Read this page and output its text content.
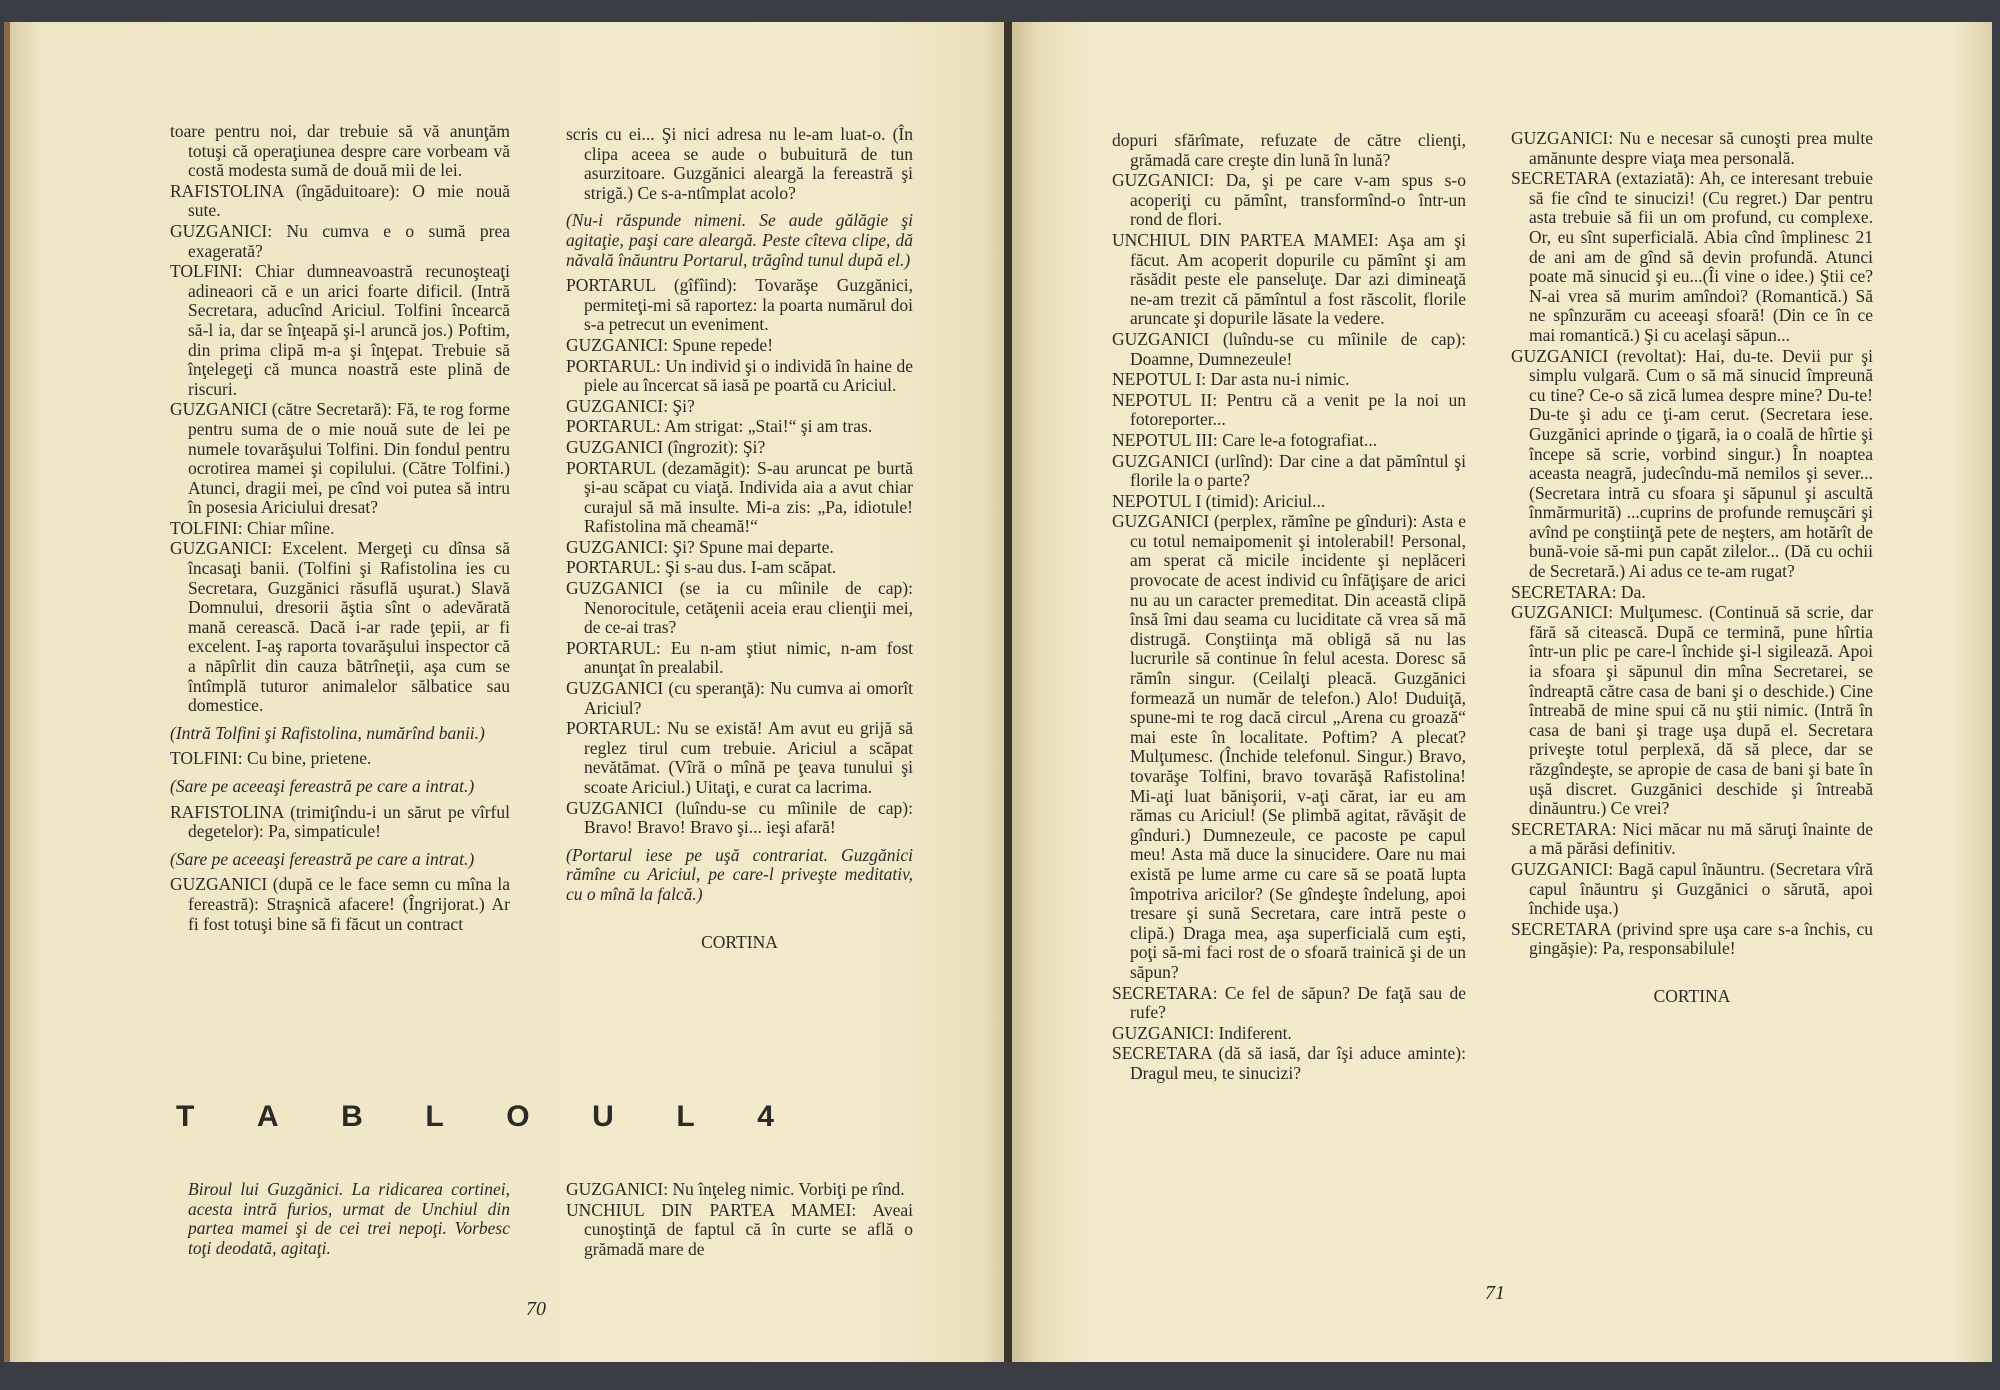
toare pentru noi, dar trebuie să vă anunţăm totuşi că operaţiunea despre care vorbeam vă costă modesta sumă de două mii de lei.

RAFISTOLINA (îngăduitoare): O mie nouă sute.

GUZGANICI: Nu cumva e o sumă prea exagerată?

TOLFINI: Chiar dumneavoastră recunoşteaţi adineaori că e un arici foarte dificil. (Intră Secretara, aducînd Ariciul. Tolfini încearcă să-l ia, dar se înţeapă şi-l aruncă jos.) Poftim, din prima clipă m-a şi înţepat. Trebuie să înţelegeţi că munca noastră este plină de riscuri.

GUZGANICI (către Secretară): Fă, te rog forme pentru suma de o mie nouă sute de lei pe numele tovarăşului Tolfini. Din fondul pentru ocrotirea mamei şi copilului. (Către Tolfini.) Atunci, dragii mei, pe cînd voi putea să intru în posesia Ariciului dresat?

TOLFINI: Chiar mîine.

GUZGANICI: Excelent. Mergeţi cu dînsa să încasaţi banii. (Tolfini şi Rafistolina ies cu Secretara, Guzgănici răsuflă uşurat.) Slavă Domnului, dresorii ăştia sînt o adevărată mană cerească. Dacă i-ar rade ţepii, ar fi excelent. I-aş raporta tovarăşului inspector că a năpîrlit din cauza bătrîneţii, aşa cum se întîmplă tuturor animalelor sălbatice sau domestice.

(Intră Tolfini şi Rafistolina, numărînd banii.)

TOLFINI: Cu bine, prietene.

(Sare pe aceeaşi fereastră pe care a intrat.)

RAFISTOLINA (trimiţîndu-i un sărut pe vîrful degetelor): Pa, simpaticule!

(Sare pe aceeaşi fereastră pe care a intrat.)

GUZGANICI (după ce le face semn cu mîna la fereastră): Straşnică afacere! (Îngrijorat.) Ar fi fost totuşi bine să fi făcut un contract

scris cu ei... Şi nici adresa nu le-am luat-o. (În clipa aceea se aude o bubuitură de tun asurzitoare. Guzgănici aleargă la fereastră şi strigă.) Ce s-a-ntîmplat acolo?

(Nu-i răspunde nimeni. Se aude gălăgie şi agitaţie, paşi care aleargă. Peste cîteva clipe, dă năvală înăuntru Portarul, trăgînd tunul după el.)

PORTARUL (gîfîind): Tovarăşe Guzgănici, permiteţi-mi să raportez: la poarta numărul doi s-a petrecut un eveniment.

GUZGANICI: Spune repede!

PORTARUL: Un individ şi o individă în haine de piele au încercat să iasă pe poartă cu Ariciul.

GUZGANICI: Şi?

PORTARUL: Am strigat: „Stai!“ şi am tras.

GUZGANICI (îngrozit): Şi?

PORTARUL (dezamăgit): S-au aruncat pe burtă şi-au scăpat cu viaţă. Individa aia a avut chiar curajul să mă insulte. Mi-a zis: „Pa, idiotule! Rafistolina mă cheamă!“

GUZGANICI: Şi? Spune mai departe.

PORTARUL: Şi s-au dus. I-am scăpat.

GUZGANICI (se ia cu mîinile de cap): Nenorocitule, cetăţenii aceia erau clienţii mei, de ce-ai tras?

PORTARUL: Eu n-am ştiut nimic, n-am fost anunţat în prealabil.

GUZGANICI (cu speranţă): Nu cumva ai omorît Ariciul?

PORTARUL: Nu se există! Am avut eu grijă să reglez tirul cum trebuie. Ariciul a scăpat nevătămat. (Vîră o mînă pe ţeava tunului şi scoate Ariciul.) Uitaţi, e curat ca lacrima.

GUZGANICI (luîndu-se cu mîinile de cap): Bravo! Bravo! Bravo şi... ieşi afară!

(Portarul iese pe uşă contrariat. Guzgănici rămîne cu Ariciul, pe care-l priveşte meditativ, cu o mînă la falcă.)

CORTINA

T A B L O U L 4
Biroul lui Guzgănici. La ridicarea cortinei, acesta intră furios, urmat de Unchiul din partea mamei şi de cei trei nepoţi. Vorbesc toţi deodată, agitaţi.

GUZGANICI: Nu înţeleg nimic. Vorbiţi pe rînd.

UNCHIUL DIN PARTEA MAMEI: Aveai cunoştinţă de faptul că în curte se află o grămadă mare de

70

dopuri sfărîmate, refuzate de către clienţi, grămadă care creşte din lună în lună?

GUZGANICI: Da, şi pe care v-am spus s-o acoperiţi cu pămînt, transformînd-o într-un rond de flori.

UNCHIUL DIN PARTEA MAMEI: Aşa am şi făcut. Am acoperit dopurile cu pămînt şi am răsădit peste ele panseluţe. Dar azi dimineaţă ne-am trezit că pămîntul a fost răscolit, florile aruncate şi dopurile lăsate la vedere.

GUZGANICI (luîndu-se cu mîinile de cap): Doamne, Dumnezeule!

NEPOTUL I: Dar asta nu-i nimic.

NEPOTUL II: Pentru că a venit pe la noi un fotoreporter...

NEPOTUL III: Care le-a fotografiat...

GUZGANICI (urlînd): Dar cine a dat pămîntul şi florile la o parte?

NEPOTUL I (timid): Ariciul...

GUZGANICI (perplex, rămîne pe gînduri): Asta e cu totul nemaipomenit şi intolerabil! Personal, am sperat că micile incidente şi neplăceri provocate de acest individ cu înfăţişare de arici nu au un caracter premeditat. Din această clipă însă îmi dau seama cu luciditate că vrea să mă distrugă. Conştiinţa mă obligă să nu las lucrurile să continue în felul acesta. Doresc să rămîn singur. (Ceilalţi pleacă. Guzgănici formează un număr de telefon.) Alo! Duduiţă, spune-mi te rog dacă circul „Arena cu groază“ mai este în localitate. Poftim? A plecat? Mulţumesc. (Închide telefonul. Singur.) Bravo, tovarăşe Tolfini, bravo tovarăşă Rafistolina! Mi-aţi luat bănişorii, v-aţi cărat, iar eu am rămas cu Ariciul! (Se plimbă agitat, răvăşit de gînduri.) Dumnezeule, ce pacoste pe capul meu! Asta mă duce la sinucidere. Oare nu mai există pe lume arme cu care să se poată lupta împotriva aricilor? (Se gîndeşte îndelung, apoi tresare şi sună Secretara, care intră peste o clipă.) Draga mea, aşa superficială cum eşti, poţi să-mi faci rost de o sfoară trainică şi de un săpun?

SECRETARA: Ce fel de săpun? De faţă sau de rufe?

GUZGANICI: Indiferent.

SECRETARA (dă să iasă, dar îşi aduce aminte): Dragul meu, te sinucizi?

GUZGANICI: Nu e necesar să cunoşti prea multe amănunte despre viaţa mea personală.

SECRETARA (extaziată): Ah, ce interesant trebuie să fie cînd te sinucizi! (Cu regret.) Dar pentru asta trebuie să fii un om profund, cu complexe. Or, eu sînt superficială. Abia cînd împlinesc 21 de ani am de gînd să devin profundă. Atunci poate mă sinucid şi eu...(Îi vine o idee.) Ştii ce? N-ai vrea să murim amîndoi? (Romantică.) Să ne spînzurăm cu aceeaşi sfoară! (Din ce în ce mai romantică.) Şi cu acelaşi săpun...

GUZGANICI (revoltat): Hai, du-te. Devii pur şi simplu vulgară. Cum o să mă sinucid împreună cu tine? Ce-o să zică lumea despre mine? Du-te! Du-te şi adu ce ţi-am cerut. (Secretara iese. Guzgănici aprinde o ţigară, ia o coală de hîrtie şi începe să scrie, vorbind singur.) În noaptea aceasta neagră, judecîndu-mă nemilos şi sever... (Secretara intră cu sfoara şi săpunul şi ascultă înmărmurită) ...cuprins de profunde remuşcări şi avînd pe conştiinţă pete de neşters, am hotărît de bună-voie să-mi pun capăt zilelor... (Dă cu ochii de Secretară.) Ai adus ce te-am rugat?

SECRETARA: Da.

GUZGANICI: Mulţumesc. (Continuă să scrie, dar fără să citească. După ce termină, pune hîrtia într-un plic pe care-l închide şi-l sigilează. Apoi ia sfoara şi săpunul din mîna Secretarei, se îndreaptă către casa de bani şi o deschide.) Cine întreabă de mine spui că nu ştii nimic. (Intră în casa de bani şi trage uşa după el. Secretara priveşte totul perplexă, dă să plece, dar se răzgîndeşte, se apropie de casa de bani şi bate în uşă discret. Guzgănici deschide şi întreabă dinăuntru.) Ce vrei?

SECRETARA: Nici măcar nu mă săruţi înainte de a mă părăsi definitiv.

GUZGANICI: Bagă capul înăuntru. (Secretara vîră capul înăuntru şi Guzgănici o sărută, apoi închide uşa.)

SECRETARA (privind spre uşa care s-a închis, cu gingăşie): Pa, responsabilule!

CORTINA

71
